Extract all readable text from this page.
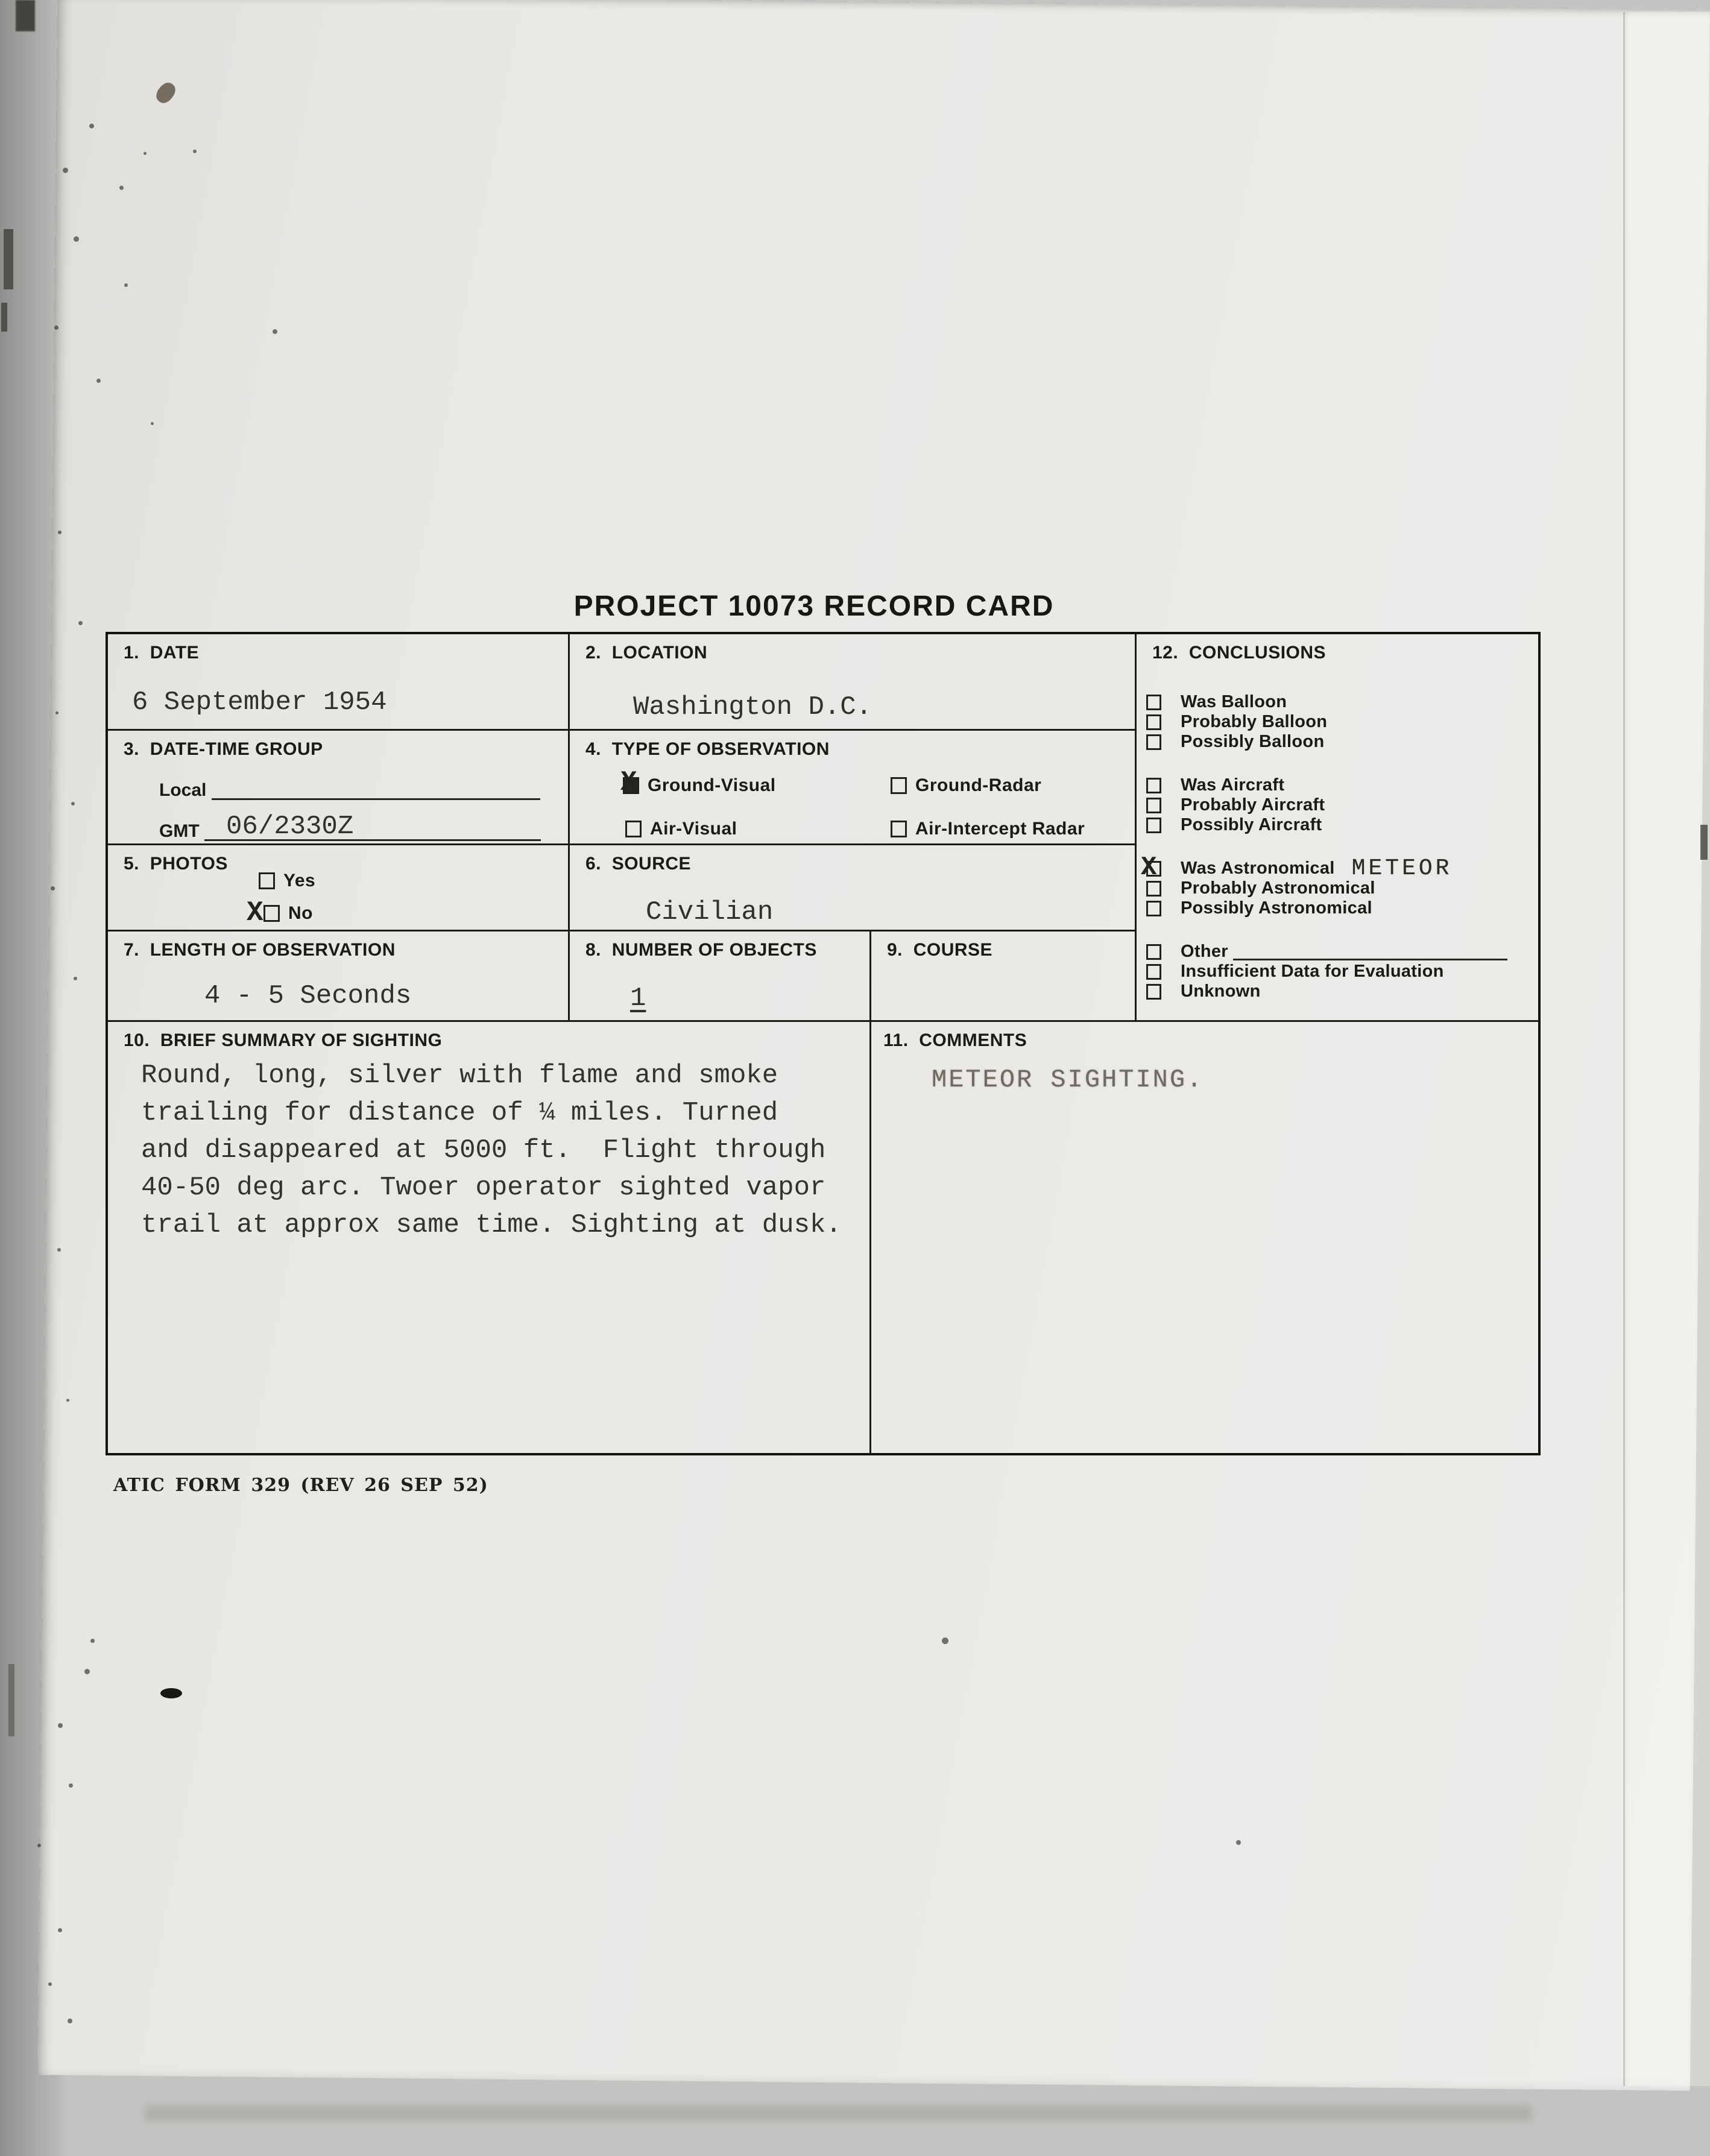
PROJECT 10073 RECORD CARD
1.  DATE
6 September 1954
2.  LOCATION
Washington D.C.
12.  CONCLUSIONS
Was Balloon
Probably Balloon
Possibly Balloon
Was Aircraft
Probably Aircraft
Possibly Aircraft
X
Was Astronomical METEOR
Probably Astronomical
Possibly Astronomical
Other
Insufficient Data for Evaluation
Unknown
3.  DATE-TIME GROUP
Local
GMT 06/2330Z
4.  TYPE OF OBSERVATION
X
Ground-Visual	Ground-Radar
Air-Visual	Air-Intercept Radar
5.  PHOTOS
Yes
X
No
6.  SOURCE
Civilian
7.  LENGTH OF OBSERVATION
4 - 5 Seconds
8.  NUMBER OF OBJECTS
1
9.  COURSE
10.  BRIEF SUMMARY OF SIGHTING
Round, long, silver with flame and smoke
trailing for distance of ¼ miles. Turned
and disappeared at 5000 ft.  Flight through
40-50 deg arc. Twoer operator sighted vapor
trail at approx same time. Sighting at dusk.
11.  COMMENTS
METEOR SIGHTING.
ATIC FORM 329 (REV 26 SEP 52)
